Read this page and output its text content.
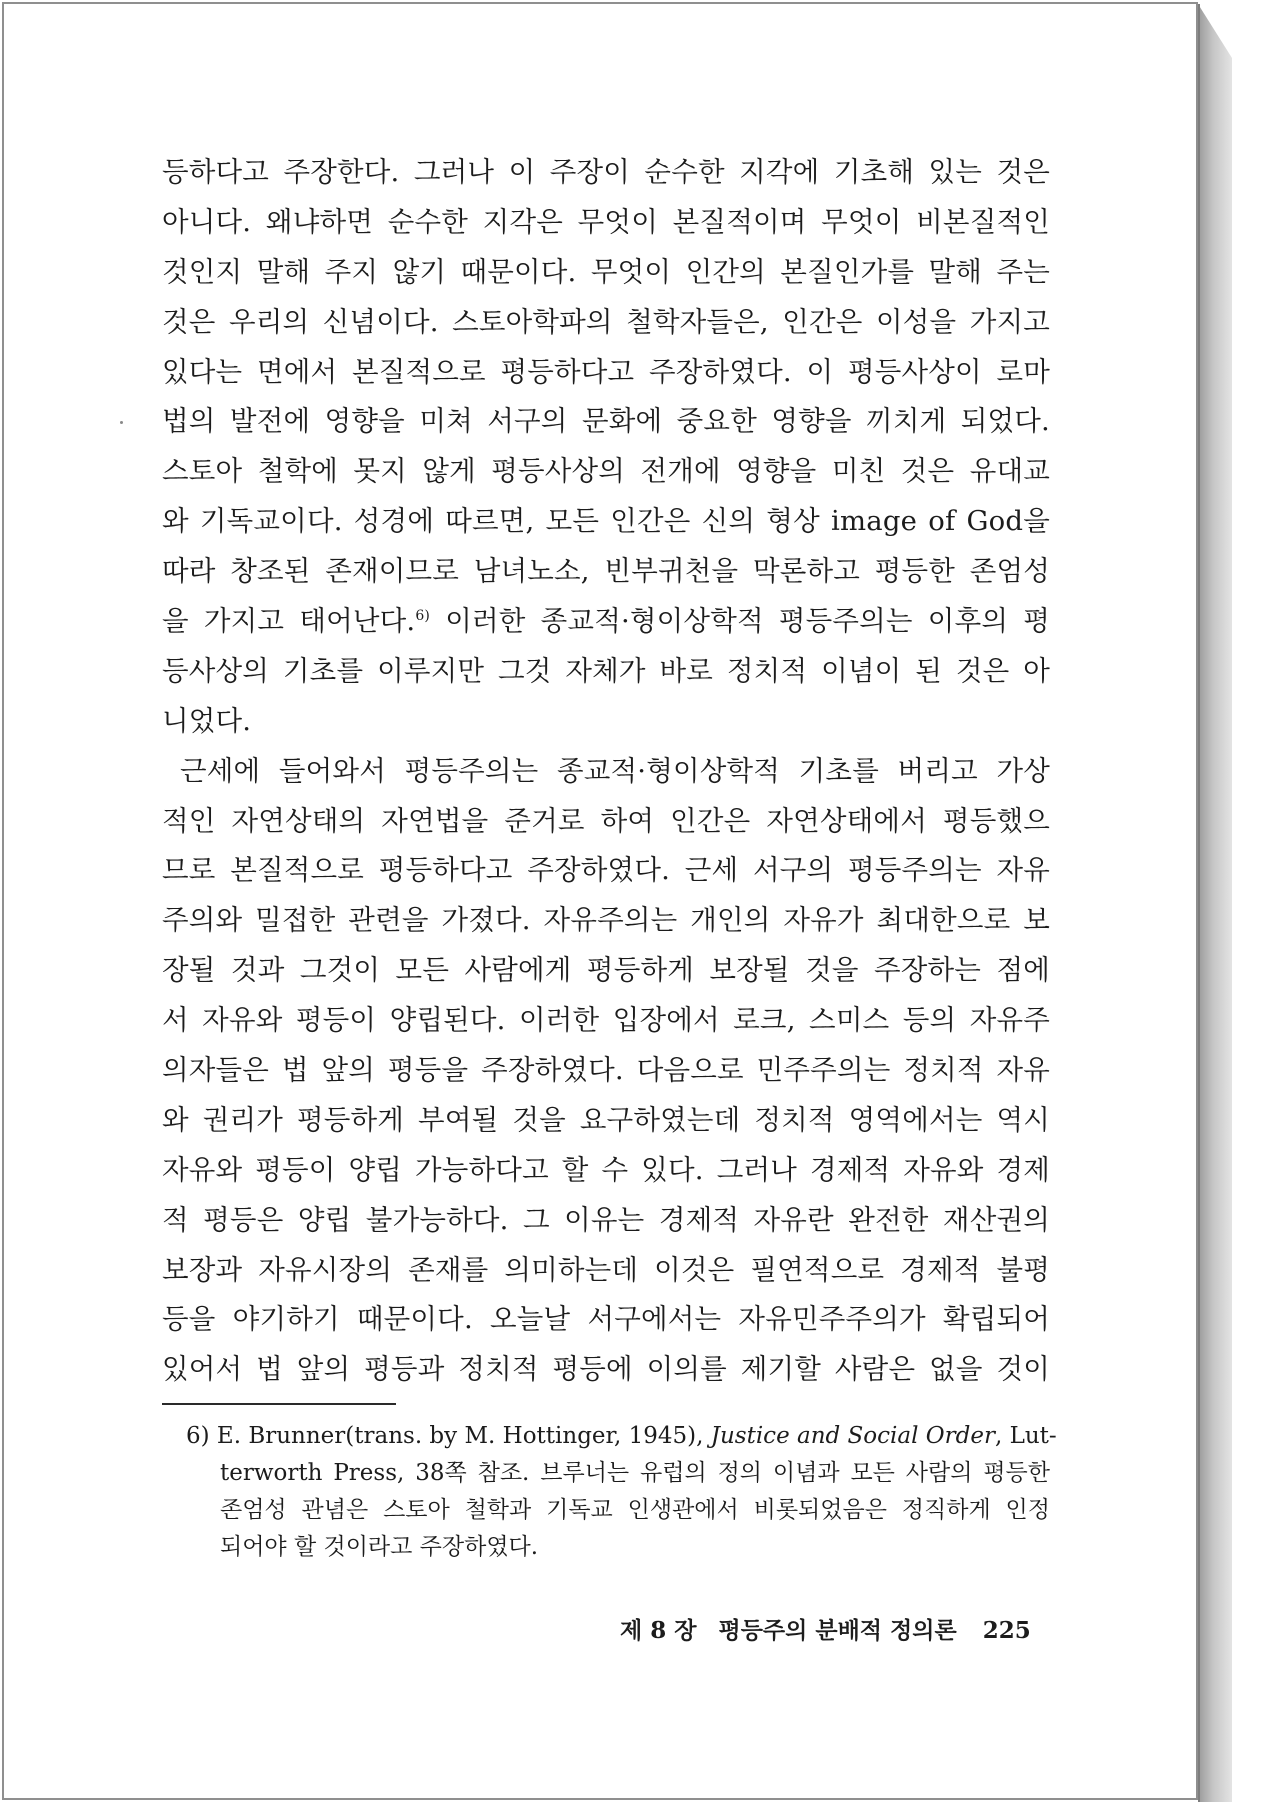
등하다고 주장한다. 그러나 이 주장이 순수한 지각에 기초해 있는 것은
아니다. 왜냐하면 순수한 지각은 무엇이 본질적이며 무엇이 비본질적인
것인지 말해 주지 않기 때문이다. 무엇이 인간의 본질인가를 말해 주는
것은 우리의 신념이다. 스토아학파의 철학자들은, 인간은 이성을 가지고
있다는 면에서 본질적으로 평등하다고 주장하였다. 이 평등사상이 로마
법의 발전에 영향을 미쳐 서구의 문화에 중요한 영향을 끼치게 되었다.
스토아 철학에 못지 않게 평등사상의 전개에 영향을 미친 것은 유대교
와 기독교이다. 성경에 따르면, 모든 인간은 신의 형상 image of God을
따라 창조된 존재이므로 남녀노소, 빈부귀천을 막론하고 평등한 존엄성
을 가지고 태어난다.$^{6)}$ 이러한 종교적·형이상학적 평등주의는 이후의 평
등사상의 기초를 이루지만 그것 자체가 바로 정치적 이념이 된 것은 아
니었다.
근세에 들어와서 평등주의는 종교적·형이상학적 기초를 버리고 가상
적인 자연상태의 자연법을 준거로 하여 인간은 자연상태에서 평등했으
므로 본질적으로 평등하다고 주장하였다. 근세 서구의 평등주의는 자유
주의와 밀접한 관련을 가졌다. 자유주의는 개인의 자유가 최대한으로 보
장될 것과 그것이 모든 사람에게 평등하게 보장될 것을 주장하는 점에
서 자유와 평등이 양립된다. 이러한 입장에서 로크, 스미스 등의 자유주
의자들은 법 앞의 평등을 주장하였다. 다음으로 민주주의는 정치적 자유
와 권리가 평등하게 부여될 것을 요구하였는데 정치적 영역에서는 역시
자유와 평등이 양립 가능하다고 할 수 있다. 그러나 경제적 자유와 경제
적 평등은 양립 불가능하다. 그 이유는 경제적 자유란 완전한 재산권의
보장과 자유시장의 존재를 의미하는데 이것은 필연적으로 경제적 불평
등을 야기하기 때문이다. 오늘날 서구에서는 자유민주주의가 확립되어
있어서 법 앞의 평등과 정치적 평등에 이의를 제기할 사람은 없을 것이
6) E. Brunner(trans. by M. Hottinger, 1945), Justice and Social Order, Lut-
terworth Press, 38쪽 참조. 브루너는 유럽의 정의 이념과 모든 사람의 평등한
존엄성 관념은 스토아 철학과 기독교 인생관에서 비롯되었음은 정직하게 인정
되어야 할 것이라고 주장하였다.
제 8 장 평등주의 분배적 정의론 225
